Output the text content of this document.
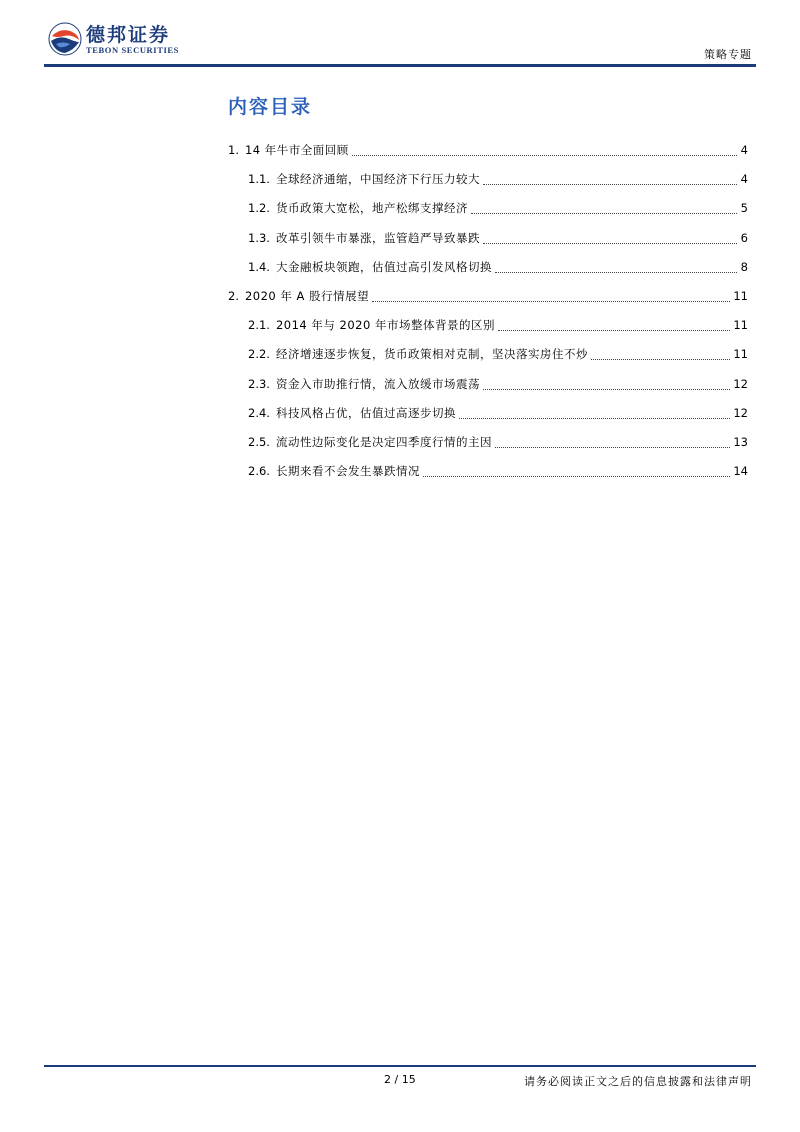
德邦证券
TEBON SECURITIES	策略专题
内容目录
1. 14 年牛市全面回顾	4
1.1. 全球经济通缩，中国经济下行压力较大	4
1.2. 货币政策大宽松，地产松绑支撑经济	5
1.3. 改革引领牛市暴涨，监管趋严导致暴跌	6
1.4. 大金融板块领跑，估值过高引发风格切换	8
2. 2020 年 A 股行情展望	11
2.1. 2014 年与 2020 年市场整体背景的区别	11
2.2. 经济增速逐步恢复，货币政策相对克制，坚决落实房住不炒	11
2.3. 资金入市助推行情，流入放缓市场震荡	12
2.4. 科技风格占优，估值过高逐步切换	12
2.5. 流动性边际变化是决定四季度行情的主因	13
2.6. 长期来看不会发生暴跌情况	14
2 / 15	请务必阅读正文之后的信息披露和法律声明
